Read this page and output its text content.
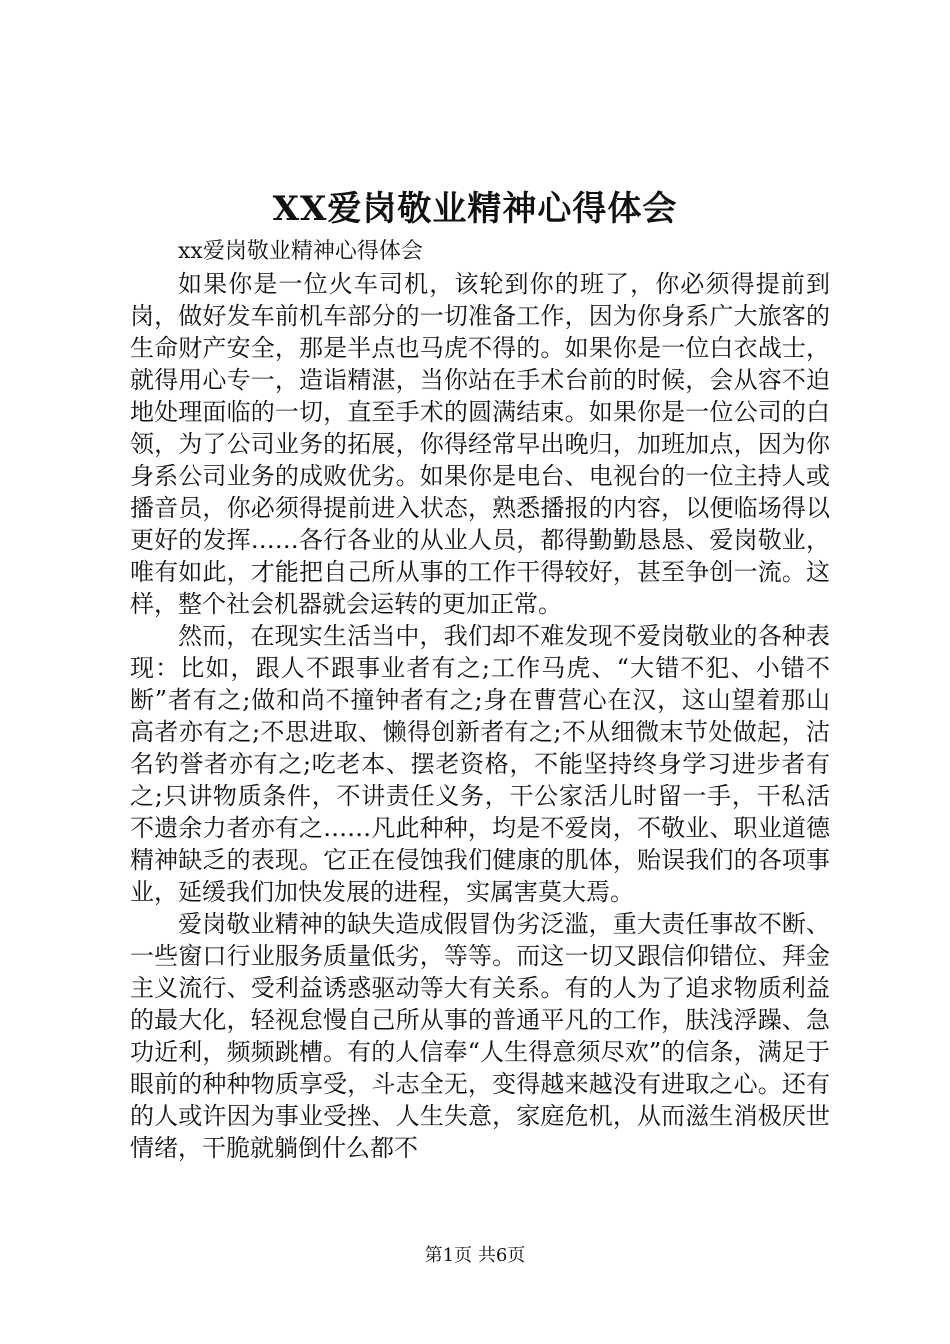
XX爱岗敬业精神心得体会
xx爱岗敬业精神心得体会

如果你是一位火车司机，该轮到你的班了，你必须得提前到岗，做好发车前机车部分的一切准备工作，因为你身系广大旅客的生命财产安全，那是半点也马虎不得的。如果你是一位白衣战士，就得用心专一，造诣精湛，当你站在手术台前的时候，会从容不迫地处理面临的一切，直至手术的圆满结束。如果你是一位公司的白领，为了公司业务的拓展，你得经常早出晚归，加班加点，因为你身系公司业务的成败优劣。如果你是电台、电视台的一位主持人或播音员，你必须得提前进入状态，熟悉播报的内容，以便临场得以更好的发挥……各行各业的从业人员，都得勤勤恳恳、爱岗敬业，唯有如此，才能把自己所从事的工作干得较好，甚至争创一流。这样，整个社会机器就会运转的更加正常。

然而，在现实生活当中，我们却不难发现不爱岗敬业的各种表现：比如，跟人不跟事业者有之;工作马虎、“大错不犯、小错不断”者有之;做和尚不撞钟者有之;身在曹营心在汉，这山望着那山高者亦有之;不思进取、懒得创新者有之;不从细微末节处做起，沽名钓誉者亦有之;吃老本、摆老资格，不能坚持终身学习进步者有之;只讲物质条件，不讲责任义务，干公家活儿时留一手，干私活不遗余力者亦有之……凡此种种，均是不爱岗，不敬业、职业道德精神缺乏的表现。它正在侵蚀我们健康的肌体，贻误我们的各项事业，延缓我们加快发展的进程，实属害莫大焉。

爱岗敬业精神的缺失造成假冒伪劣泛滥，重大责任事故不断、一些窗口行业服务质量低劣，等等。而这一切又跟信仰错位、拜金主义流行、受利益诱惑驱动等大有关系。有的人为了追求物质利益的最大化，轻视怠慢自己所从事的普通平凡的工作，肤浅浮躁、急功近利，频频跳槽。有的人信奉“人生得意须尽欢”的信条，满足于眼前的种种物质享受，斗志全无，变得越来越没有进取之心。还有的人或许因为事业受挫、人生失意，家庭危机，从而滋生消极厌世情绪，干脆就躺倒什么都不

第1页 共6页
